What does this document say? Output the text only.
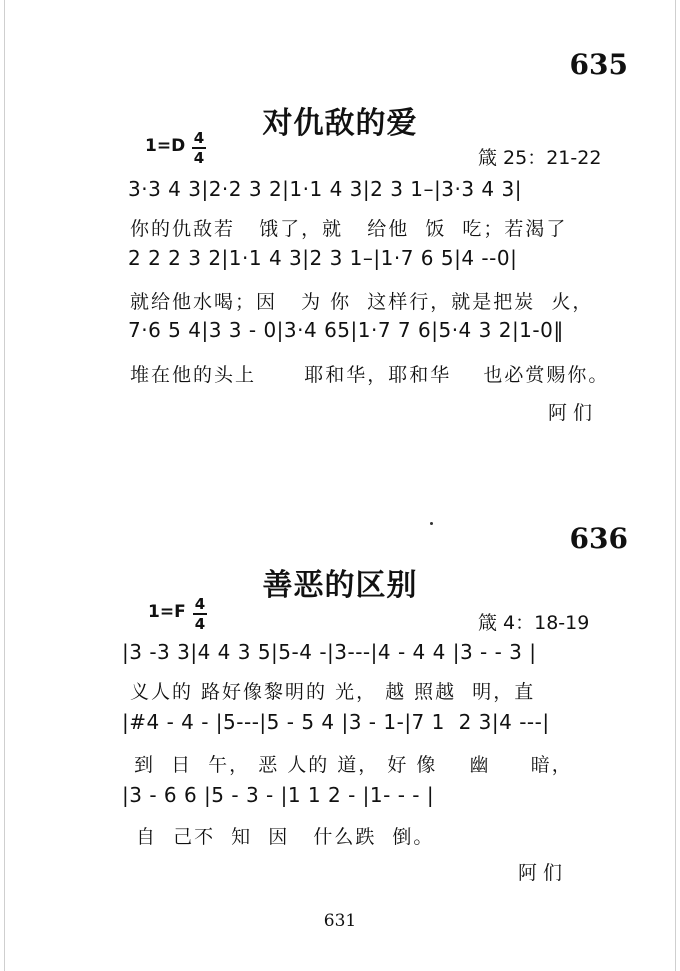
635
对仇敌的爱
1=D 4
4	箴 25：21-22
3·3 4 3|2·2 3 2|1·1 4 3|2 3 1–|3·3 4 3|
你的仇敌若   饿了，就   给他  饭  吃；若渴了
2 2 2 3 2|1·1 4 3|2 3 1–|1·7 6 5|4 --0|
就给他水喝；因   为 你  这样行，就是把炭  火，
7·6 5 4|3 3 - 0|3·4 65|1·7 7 6|5·4 3 2|1-0‖
堆在他的头上      耶和华，耶和华    也必赏赐你。
阿们
636
善恶的区别
1=F 4
4	箴 4：18-19
|3 -3 3|4 4 3 5|5-4 -|3---|4 - 4 4 |3 - - 3 |
义人的 路好像黎明的 光， 越 照越  明，直
|#4 - 4 - |5---|5 - 5 4 |3 - 1-|7 1  2 3|4 ---|
到  日  午， 恶 人的 道， 好 像    幽     暗，
|3 - 6 6 |5 - 3 - |1 1 2 - |1- - - |
自  己不  知  因   什么跌  倒。
阿们
631
